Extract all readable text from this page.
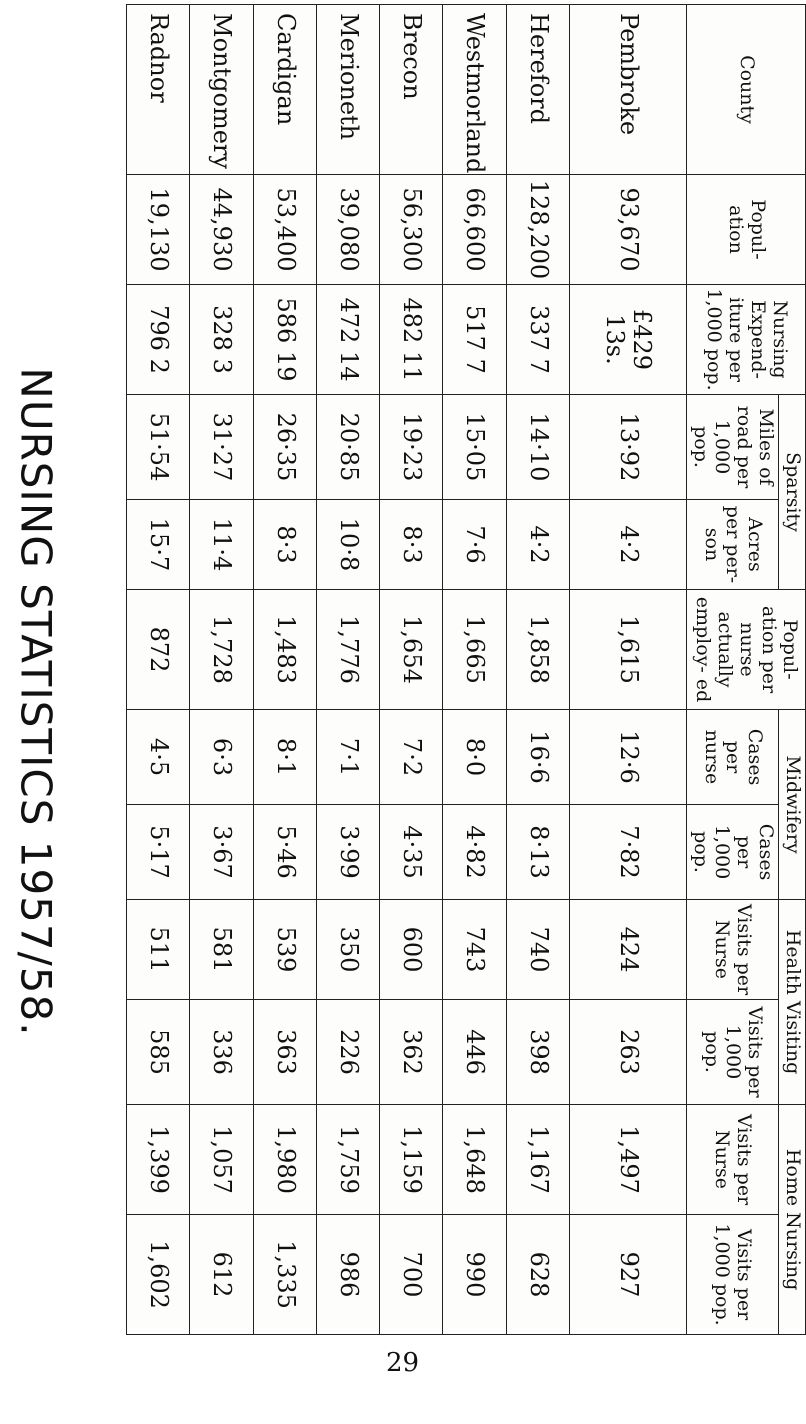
NURSING STATISTICS 1957/58.
County	Popul- ation	Nursing Expend- iture per 1,000 pop.	Sparsity		Popul- ation per nurse actually employ- ed	Midwifery		Health Visiting		Home Nursing	
			Miles of road per 1,000 pop.	Acres per per- son		Cases per nurse	Cases per 1,000 pop.	Visits per Nurse	Visits per 1,000 pop.	Visits per Nurse	Visits per 1,000 pop.
Pembroke	93,670	£429 13s.	13·92	4·2	1,615	12·6	7·82	424	263	1,497	927
Hereford	128,200	337 7	14·10	4·2	1,858	16·6	8·13	740	398	1,167	628
Westmorland	66,600	517 7	15·05	7·6	1,665	8·0	4·82	743	446	1,648	990
Brecon	56,300	482 11	19·23	8·3	1,654	7·2	4·35	600	362	1,159	700
Merioneth	39,080	472 14	20·85	10·8	1,776	7·1	3·99	350	226	1,759	986
Cardigan	53,400	586 19	26·35	8·3	1,483	8·1	5·46	539	363	1,980	1,335
Montgomery	44,930	328 3	31·27	11·4	1,728	6·3	3·67	581	336	1,057	612
Radnor	19,130	796 2	51·54	15·7	872	4·5	5·17	511	585	1,399	1,602
29
